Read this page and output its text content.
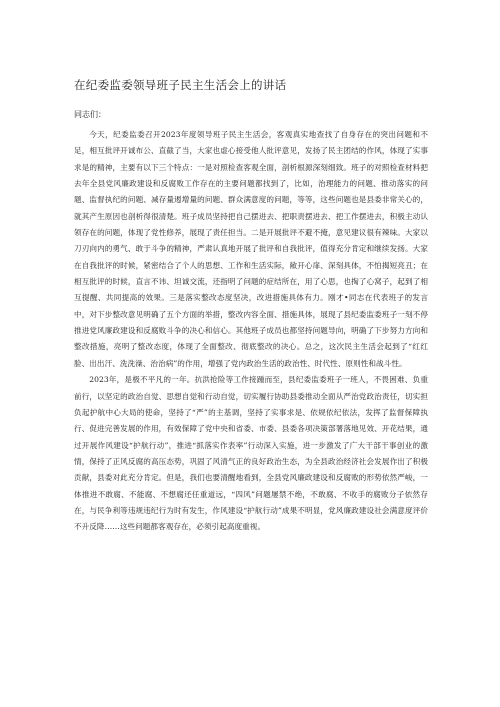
在纪委监委领导班子民主生活会上的讲话
同志们：

今天，纪委监委召开2023年度领导班子民主生活会，客观真实地查找了自身存在的突出问题和不足，相互批评开诚布公、直截了当，大家也虚心接受他人批评意见，发扬了民主团结的作风，体现了实事求是的精神，主要有以下三个特点：一是对照检查客观全面，剖析根源深刻细致。班子的对照检查材料把去年全县党风廉政建设和反腐败工作存在的主要问题都找到了，比如，治理能力的问题、推动落实的问题、监督执纪的问题、减存量遏增量的问题、群众满意度的问题，等等，这些问题也是县委非常关心的，就其产生原因也剖析得很清楚。班子成员坚持把自己摆进去、把职责摆进去、把工作摆进去，积极主动认领存在的问题，体现了党性修养，展现了责任担当。二是开展批评不避不掩，意见建议很有辣味。大家以刀刃向内的勇气、敢于斗争的精神，严肃认真地开展了批评和自我批评，值得充分肯定和继续发扬。大家在自我批评的时候，紧密结合了个人的思想、工作和生活实际，敞开心扉、深刻具体，不怕揭短亮丑；在相互批评的时候，直言不讳、坦诚交流，还指明了问题的症结所在，用了心思，也掏了心窝子，起到了相互提醒、共同提高的效果。三是落实整改态度坚决，改进措施具体有力。刚才•同志在代表班子的发言中，对下步整改意见明确了五个方面的举措，整改内容全面、措施具体，展现了县纪委监委班子一刻不停推进党风廉政建设和反腐败斗争的决心和信心。其他班子成员也都坚持问题导向，明确了下步努力方向和整改措施，亮明了整改态度，体现了全面整改、彻底整改的决心。总之，这次民主生活会起到了“红红脸、出出汗、洗洗澡、治治病”的作用，增强了党内政治生活的政治性、时代性、原则性和战斗性。

2023年，是极不平凡的一年。抗洪抢险等工作接踵而至，县纪委监委班子一班人，不畏困难、负重前行，以坚定的政治自觉、思想自觉和行动自觉，切实履行协助县委推动全面从严治党政治责任，切实担负起护航中心大局的使命，坚持了“严”的主基调，坚持了实事求是、依规依纪依法，发挥了监督保障执行、促进完善发展的作用，有效保障了党中央和省委、市委、县委各项决策部署落地见效、开花结果，通过开展作风建设“护航行动”，推进“抓落实作表率”行动深入实施，进一步激发了广大干部干事创业的激情，保持了正风反腐的高压态势，巩固了风清气正的良好政治生态，为全县政治经济社会发展作出了积极贡献，县委对此充分肯定。但是，我们也要清醒地看到，全县党风廉政建设和反腐败的形势依然严峻，一体推进不敢腐、不能腐、不想腐还任重道远，“四风”问题屡禁不绝，不敢腐、不收手的腐败分子依然存在，与民争利等违规违纪行为时有发生，作风建设“护航行动”成果不明显，党风廉政建设社会满意度评价不升反降……这些问题都客观存在，必须引起高度重视。
